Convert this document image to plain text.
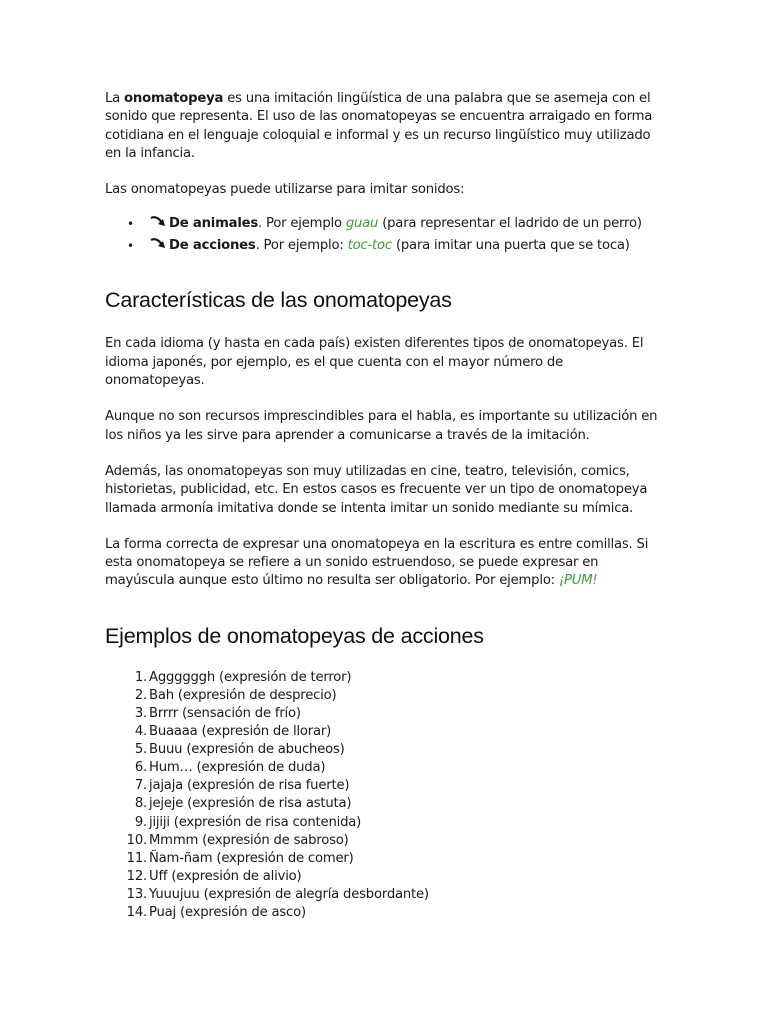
La onomatopeya es una imitación lingüística de una palabra que se asemeja con el sonido que representa. El uso de las onomatopeyas se encuentra arraigado en forma cotidiana en el lenguaje coloquial e informal y es un recurso lingüístico muy utilizado en la infancia.

Las onomatopeyas puede utilizarse para imitar sonidos:

•	De animales. Por ejemplo guau (para representar el ladrido de un perro)
•	De acciones. Por ejemplo: toc-toc (para imitar una puerta que se toca)
Características de las onomatopeyas

En cada idioma (y hasta en cada país) existen diferentes tipos de onomatopeyas. El idioma japonés, por ejemplo, es el que cuenta con el mayor número de onomatopeyas.

Aunque no son recursos imprescindibles para el habla, es importante su utilización en los niños ya les sirve para aprender a comunicarse a través de la imitación.

Además, las onomatopeyas son muy utilizadas en cine, teatro, televisión, comics, historietas, publicidad, etc. En estos casos es frecuente ver un tipo de onomatopeya llamada armonía imitativa donde se intenta imitar un sonido mediante su mímica.

La forma correcta de expresar una onomatopeya en la escritura es entre comillas. Si esta onomatopeya se refiere a un sonido estruendoso, se puede expresar en mayúscula aunque esto último no resulta ser obligatorio. Por ejemplo: ¡PUM!

Ejemplos de onomatopeyas de acciones
1. Aggggggh (expresión de terror)
2. Bah (expresión de desprecio)
3. Brrrr (sensación de frío)
4. Buaaaa (expresión de llorar)
5. Buuu (expresión de abucheos)
6. Hum… (expresión de duda)
7. jajaja (expresión de risa fuerte)
8. jejeje (expresión de risa astuta)
9. jijiji (expresión de risa contenida)
10. Mmmm (expresión de sabroso)
11. Ñam-ñam (expresión de comer)
12. Uff (expresión de alivio)
13. Yuuujuu (expresión de alegría desbordante)
14. Puaj (expresión de asco)
